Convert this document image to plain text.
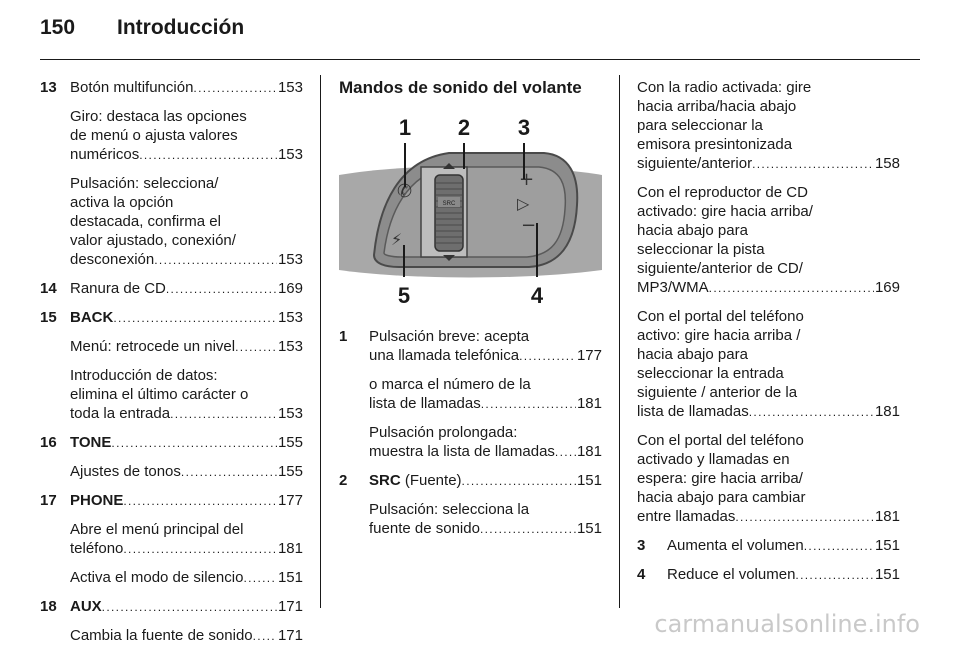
150 Introducción
13 Botón multifunción . . .	153
Giro: destaca las opciones
de menú o ajusta valores
numéricos . . .	153
Pulsación: selecciona/
activa la opción
destacada, confirma el
valor ajustado, conexión/
desconexión . . .	153
14 Ranura de CD . . .	169
15 BACK . . .	153
Menú: retrocede un nivel . . .	153
Introducción de datos:
elimina el último carácter o
toda la entrada . . .	153
16 TONE . . .	155
Ajustes de tonos . . .	155
17 PHONE . . .	177
Abre el menú principal del
teléfono . . .	181
Activa el modo de silencio . . . 151
18 AUX . . .	171
Cambia la fuente de sonido . . . 171
Mandos de sonido del volante
SRC
✆
⚡
+
▷
−
1 2 3
4
5
1 Pulsación breve: acepta
una llamada telefónica . . .	177
o marca el número de la
lista de llamadas . . .	181
Pulsación prolongada:
muestra la lista de llamadas . . . 181
2 SRC (Fuente) . . .	151
Pulsación: selecciona la
fuente de sonido . . .	151
Con la radio activada: gire
hacia arriba/hacia abajo
para seleccionar la
emisora presintonizada
siguiente/anterior . . .	158
Con el reproductor de CD
activado: gire hacia arriba/
hacia abajo para
seleccionar la pista
siguiente/anterior de CD/
MP3/WMA . . .	169
Con el portal del teléfono
activo: gire hacia arriba /
hacia abajo para
seleccionar la entrada
siguiente / anterior de la
lista de llamadas . . .	181
Con el portal del teléfono
activado y llamadas en
espera: gire hacia arriba/
hacia abajo para cambiar
entre llamadas . . .	181
3 Aumenta el volumen . . .	151
4 Reduce el volumen . . .	151
carmanualsonline.info
